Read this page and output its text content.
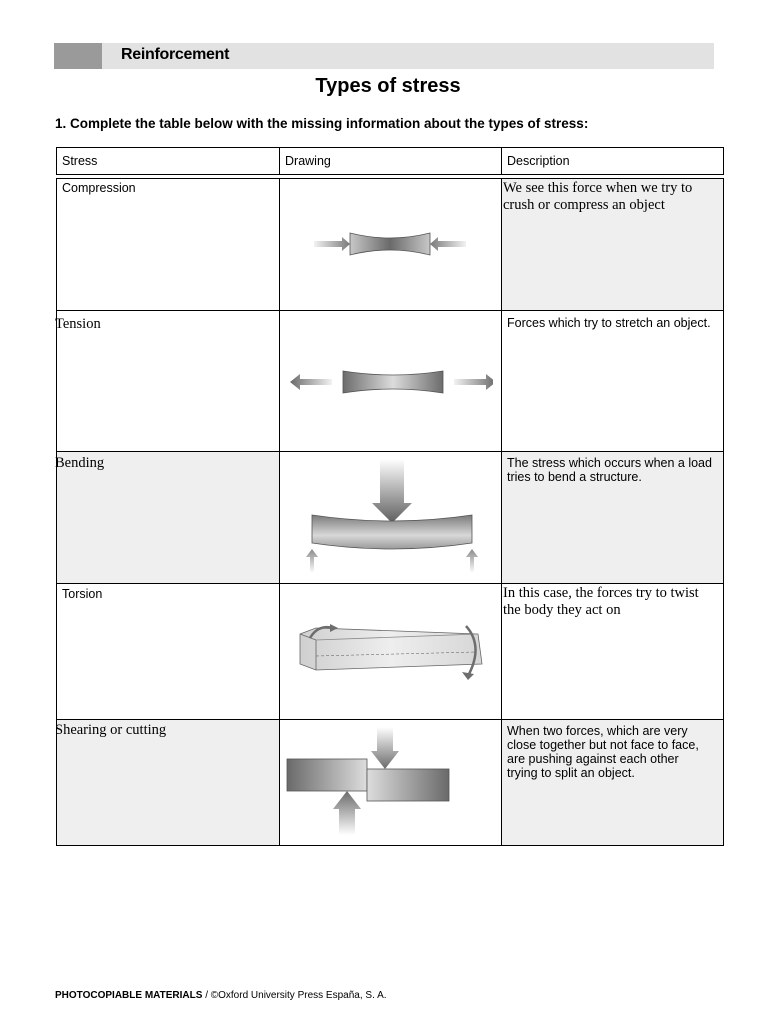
Reinforcement
Types of stress
1. Complete the table below with the missing information about the types of stress:
Stress	Drawing	Description
Compression	We see this force when we try to crush or compress an object
Tension	Forces which try to stretch an object.
Bending	The stress which occurs when a load tries to bend a structure.
Torsion	In this case, the forces try to twist the body they act on
Shearing or cutting	When two forces, which are very close together but not face to face, are pushing against each other trying to split an object.
PHOTOCOPIABLE MATERIALS / ©Oxford University Press España, S. A.
